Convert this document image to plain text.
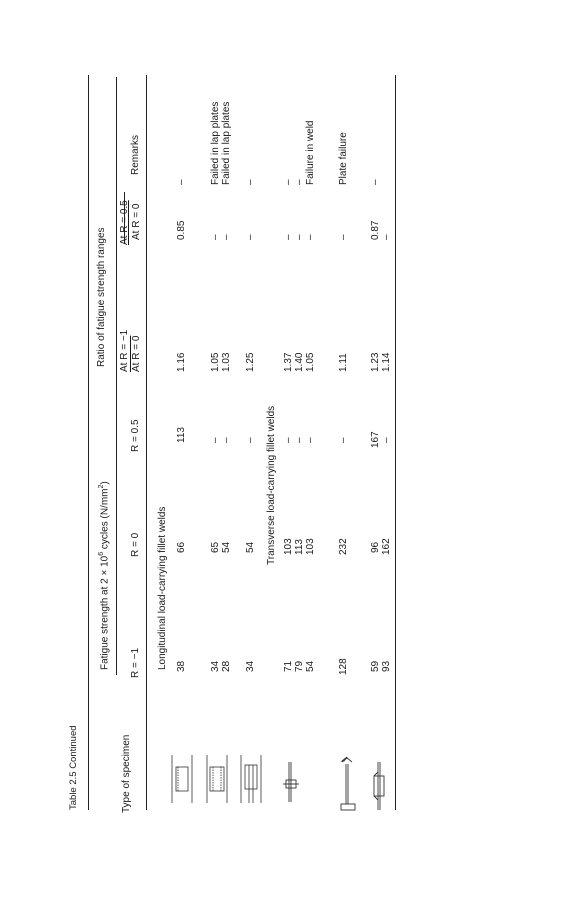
Table 2.5 Continued	Type of specimen
Fatigue strength at $2 \times 10^6$ cycles $(N/mm^2)$
R = −1
R = 0
R = 0.5
Ratio of fatigue strength ranges At R = −1 At R = 0
At R = 0.5 At R = 0
Remarks
Longitudinal load-carrying fillet welds
Transverse load-carrying fillet welds
38
66
113
1.16
0.85
–
34
65
–
1.05
–
Failed in lap plates
28
54
–
1.03
–
Failed in lap plates
34
54
–
1.25
–
–
71
103
–
1.37
–
–
79
113
–
1.40
–
–
54
103
–
1.05
–
Failure in weld
128
232
–
1.11
–
Plate failure
59
96
167
1.23
0.87
–
93
162
–
1.14
–
